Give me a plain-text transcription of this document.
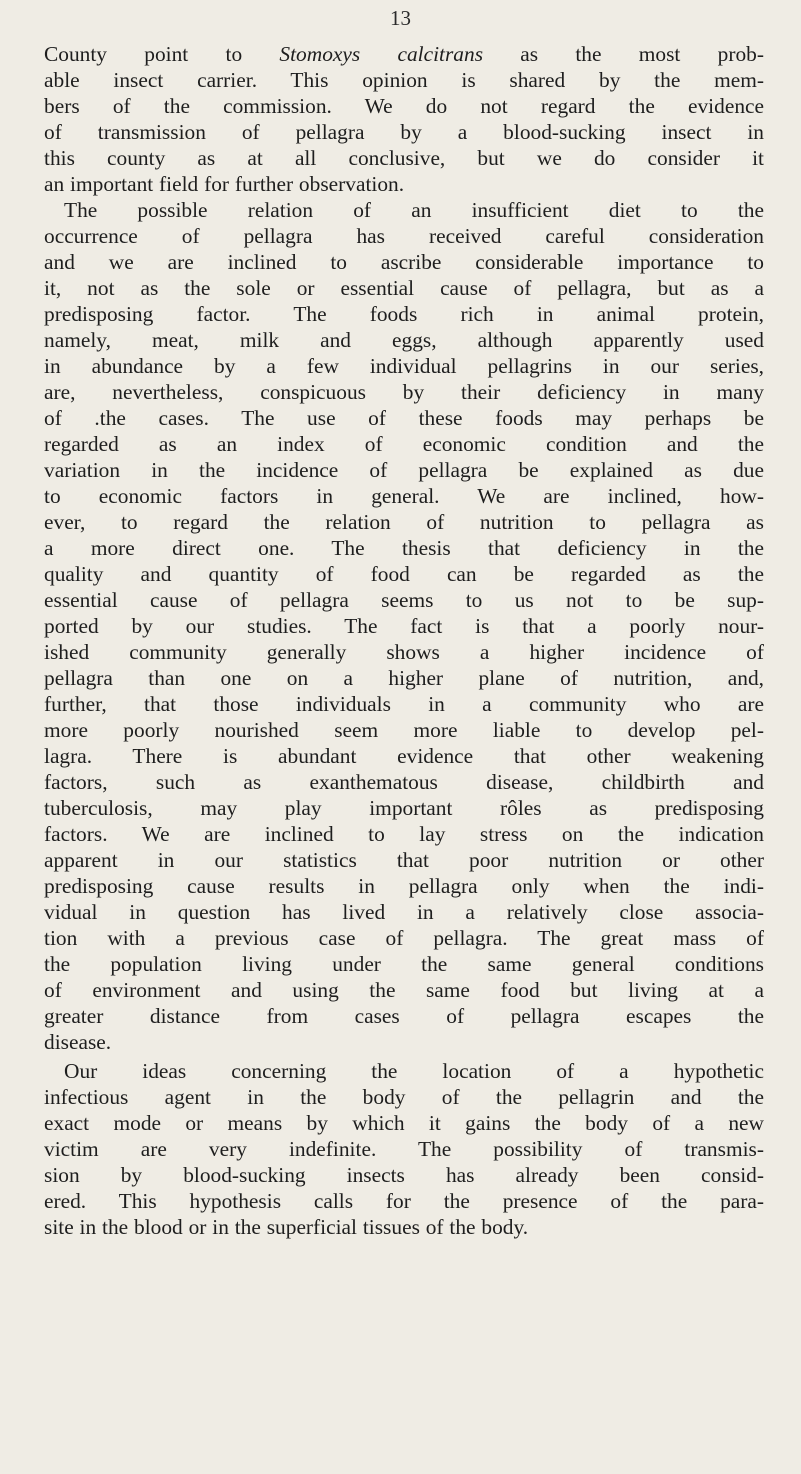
13

County point to Stomoxys calcitrans as the most prob-
able insect carrier. This opinion is shared by the mem-
bers of the commission. We do not regard the evidence
of transmission of pellagra by a blood-sucking insect in
this county as at all conclusive, but we do consider it
an important field for further observation.
The possible relation of an insufficient diet to the
occurrence of pellagra has received careful consideration
and we are inclined to ascribe considerable importance to
it, not as the sole or essential cause of pellagra, but as a
predisposing factor. The foods rich in animal protein,
namely, meat, milk and eggs, although apparently used
in abundance by a few individual pellagrins in our series,
are, nevertheless, conspicuous by their deficiency in many
of .the cases. The use of these foods may perhaps be
regarded as an index of economic condition and the
variation in the incidence of pellagra be explained as due
to economic factors in general. We are inclined, how-
ever, to regard the relation of nutrition to pellagra as
a more direct one. The thesis that deficiency in the
quality and quantity of food can be regarded as the
essential cause of pellagra seems to us not to be sup-
ported by our studies. The fact is that a poorly nour-
ished community generally shows a higher incidence of
pellagra than one on a higher plane of nutrition, and,
further, that those individuals in a community who are
more poorly nourished seem more liable to develop pel-
lagra. There is abundant evidence that other weakening
factors, such as exanthematous disease, childbirth and
tuberculosis, may play important rôles as predisposing
factors. We are inclined to lay stress on the indication
apparent in our statistics that poor nutrition or other
predisposing cause results in pellagra only when the indi-
vidual in question has lived in a relatively close associa-
tion with a previous case of pellagra. The great mass of
the population living under the same general conditions
of environment and using the same food but living at a
greater distance from cases of pellagra escapes the
disease.
Our ideas concerning the location of a hypothetic
infectious agent in the body of the pellagrin and the
exact mode or means by which it gains the body of a new
victim are very indefinite. The possibility of transmis-
sion by blood-sucking insects has already been consid-
ered. This hypothesis calls for the presence of the para-
site in the blood or in the superficial tissues of the body.
